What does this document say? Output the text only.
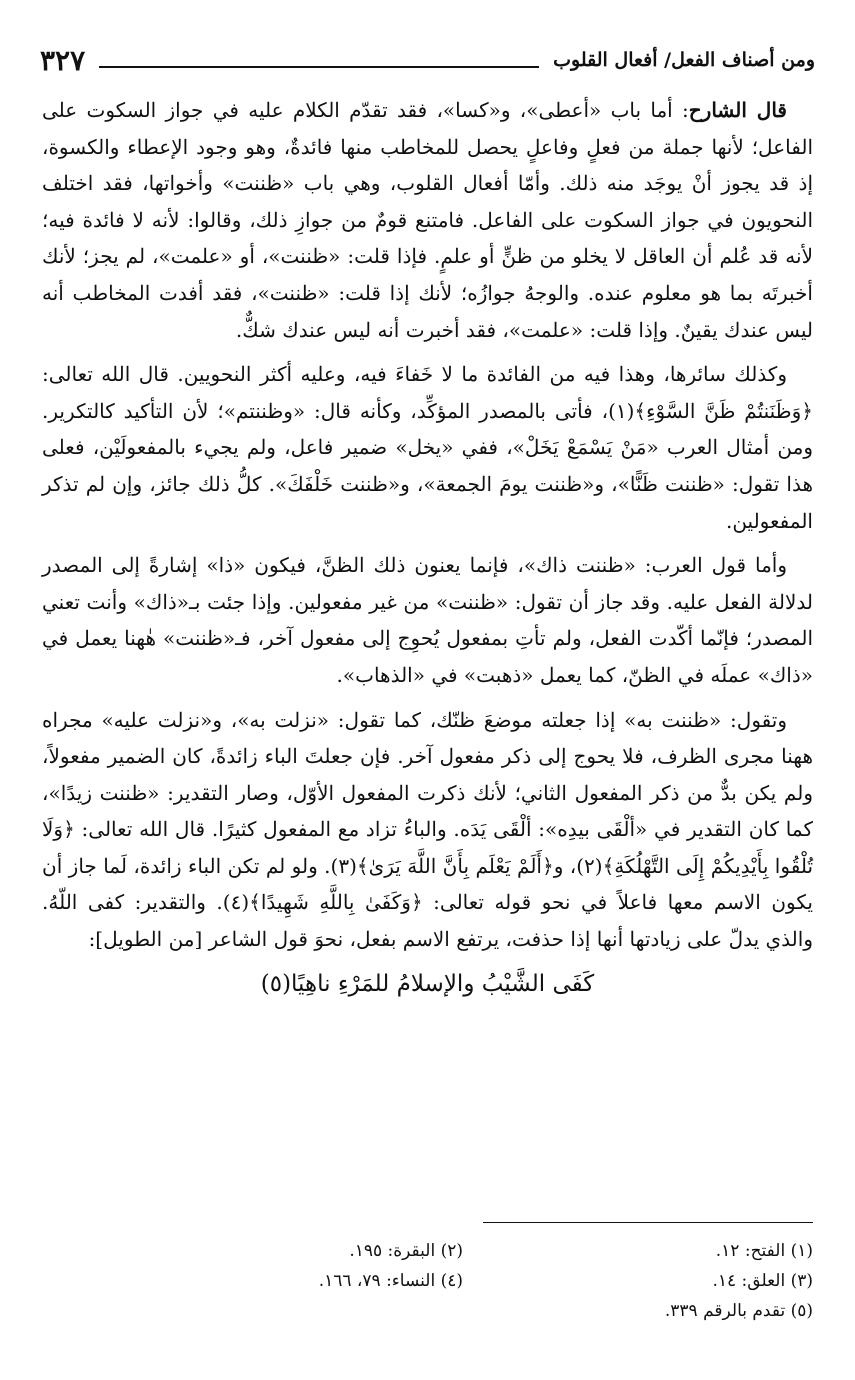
ومن أصناف الفعل/ أفعال القلوب
٣٢٧

قال الشارح: أما باب «أعطى»، و«كسا»، فقد تقدّم الكلام عليه في جواز السكوت على الفاعل؛ لأنها جملة من فعلٍ وفاعلٍ يحصل للمخاطب منها فائدةٌ، وهو وجود الإعطاء والكسوة، إذ قد يجوز أنْ يوجَد منه ذلك. وأمّا أفعال القلوب، وهي باب «ظننت» وأخواتها، فقد اختلف النحويون في جواز السكوت على الفاعل. فامتنع قومٌ من جوازِ ذلك، وقالوا: لأنه لا فائدة فيه؛ لأنه قد عُلم أن العاقل لا يخلو من ظنٍّ أو علمٍ. فإذا قلت: «ظننت»، أو «علمت»، لم يجز؛ لأنك أخبرتَه بما هو معلوم عنده. والوجهُ جوازُه؛ لأنك إذا قلت: «ظننت»، فقد أفدت المخاطب أنه ليس عندك يقينٌ. وإذا قلت: «علمت»، فقد أخبرت أنه ليس عندك شكٌّ.

وكذلك سائرها، وهذا فيه من الفائدة ما لا خَفاءَ فيه، وعليه أكثر النحويين. قال الله تعالى: ﴿وَظَنَنتُمْ ظَنَّ السَّوْءِ﴾(١)، فأتى بالمصدر المؤكِّد، وكأنه قال: «وظننتم»؛ لأن التأكيد كالتكرير. ومن أمثال العرب «مَنْ يَسْمَعْ يَخَلْ»، ففي «يخل» ضمير فاعل، ولم يجيء بالمفعولَيْن، فعلى هذا تقول: «ظننت ظَنًّا»، و«ظننت يومَ الجمعة»، و«ظننت خَلْفَكَ». كلُّ ذلك جائز، وإن لم تذكر المفعولين.

وأما قول العرب: «ظننت ذاك»، فإنما يعنون ذلك الظنَّ، فيكون «ذا» إشارةً إلى المصدر لدلالة الفعل عليه. وقد جاز أن تقول: «ظننت» من غير مفعولين. وإذا جئت بـ«ذاك» وأنت تعني المصدر؛ فإنّما أكّدت الفعل، ولم تأتِ بمفعول يُحوِج إلى مفعول آخر، فـ«ظننت» هٰهنا يعمل في «ذاك» عملَه في الظنّ، كما يعمل «ذهبت» في «الذهاب».

وتقول: «ظننت به» إذا جعلته موضعَ ظنّك، كما تقول: «نزلت به»، و«نزلت عليه» مجراه ههنا مجرى الظرف، فلا يحوج إلى ذكر مفعول آخر. فإن جعلتَ الباء زائدةً، كان الضمير مفعولاً، ولم يكن بدٌّ من ذكر المفعول الثاني؛ لأنك ذكرت المفعول الأوّل، وصار التقدير: «ظننت زيدًا»، كما كان التقدير في «ألْقَى بيدِه»: ألْقَى يَدَه. والباءُ تزاد مع المفعول كثيرًا. قال الله تعالى: ﴿وَلَا تُلْقُوا بِأَيْدِيكُمْ إِلَى التَّهْلُكَةِ﴾(٢)، و﴿أَلَمْ يَعْلَم بِأَنَّ اللَّهَ يَرَىٰ﴾(٣). ولو لم تكن الباء زائدة، لَما جاز أن يكون الاسم معها فاعلاً في نحو قوله تعالى: ﴿وَكَفَىٰ بِاللَّهِ شَهِيدًا﴾(٤). والتقدير: كفى اللّهُ. والذي يدلّ على زيادتها أنها إذا حذفت، يرتفع الاسم بفعل، نحوَ قول الشاعر [من الطويل]:

كَفَى الشَّيْبُ والإسلامُ للمَرْءِ ناهِيًا(٥)

(١) الفتح: ١٢.
(٢) البقرة: ١٩٥.
(٣) العلق: ١٤.
(٤) النساء: ٧٩، ١٦٦.
(٥) تقدم بالرقم ٣٣٩.
